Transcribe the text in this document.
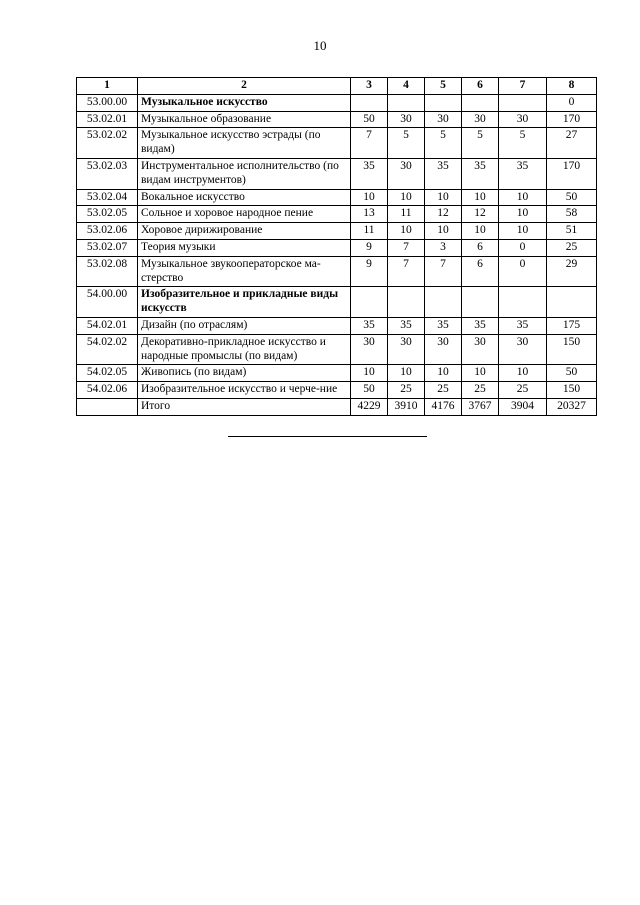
10
1	2	3	4	5	6	7	8
53.00.00	Музыкальное искусство						0
53.02.01	Музыкальное образование	50	30	30	30	30	170
53.02.02	Музыкальное искусство эстрады (по видам)	7	5	5	5	5	27
53.02.03	Инструментальное исполнительство (по видам инструментов)	35	30	35	35	35	170
53.02.04	Вокальное искусство	10	10	10	10	10	50
53.02.05	Сольное и хоровое народное пение	13	11	12	12	10	58
53.02.06	Хоровое дирижирование	11	10	10	10	10	51
53.02.07	Теория музыки	9	7	3	6	0	25
53.02.08	Музыкальное звукооператорское ма-стерство	9	7	7	6	0	29
54.00.00	Изобразительное и прикладные виды искусств						
54.02.01	Дизайн (по отраслям)	35	35	35	35	35	175
54.02.02	Декоративно-прикладное искусство и народные промыслы (по видам)	30	30	30	30	30	150
54.02.05	Живопись (по видам)	10	10	10	10	10	50
54.02.06	Изобразительное искусство и черче-ние	50	25	25	25	25	150
	Итого	4229	3910	4176	3767	3904	20327
